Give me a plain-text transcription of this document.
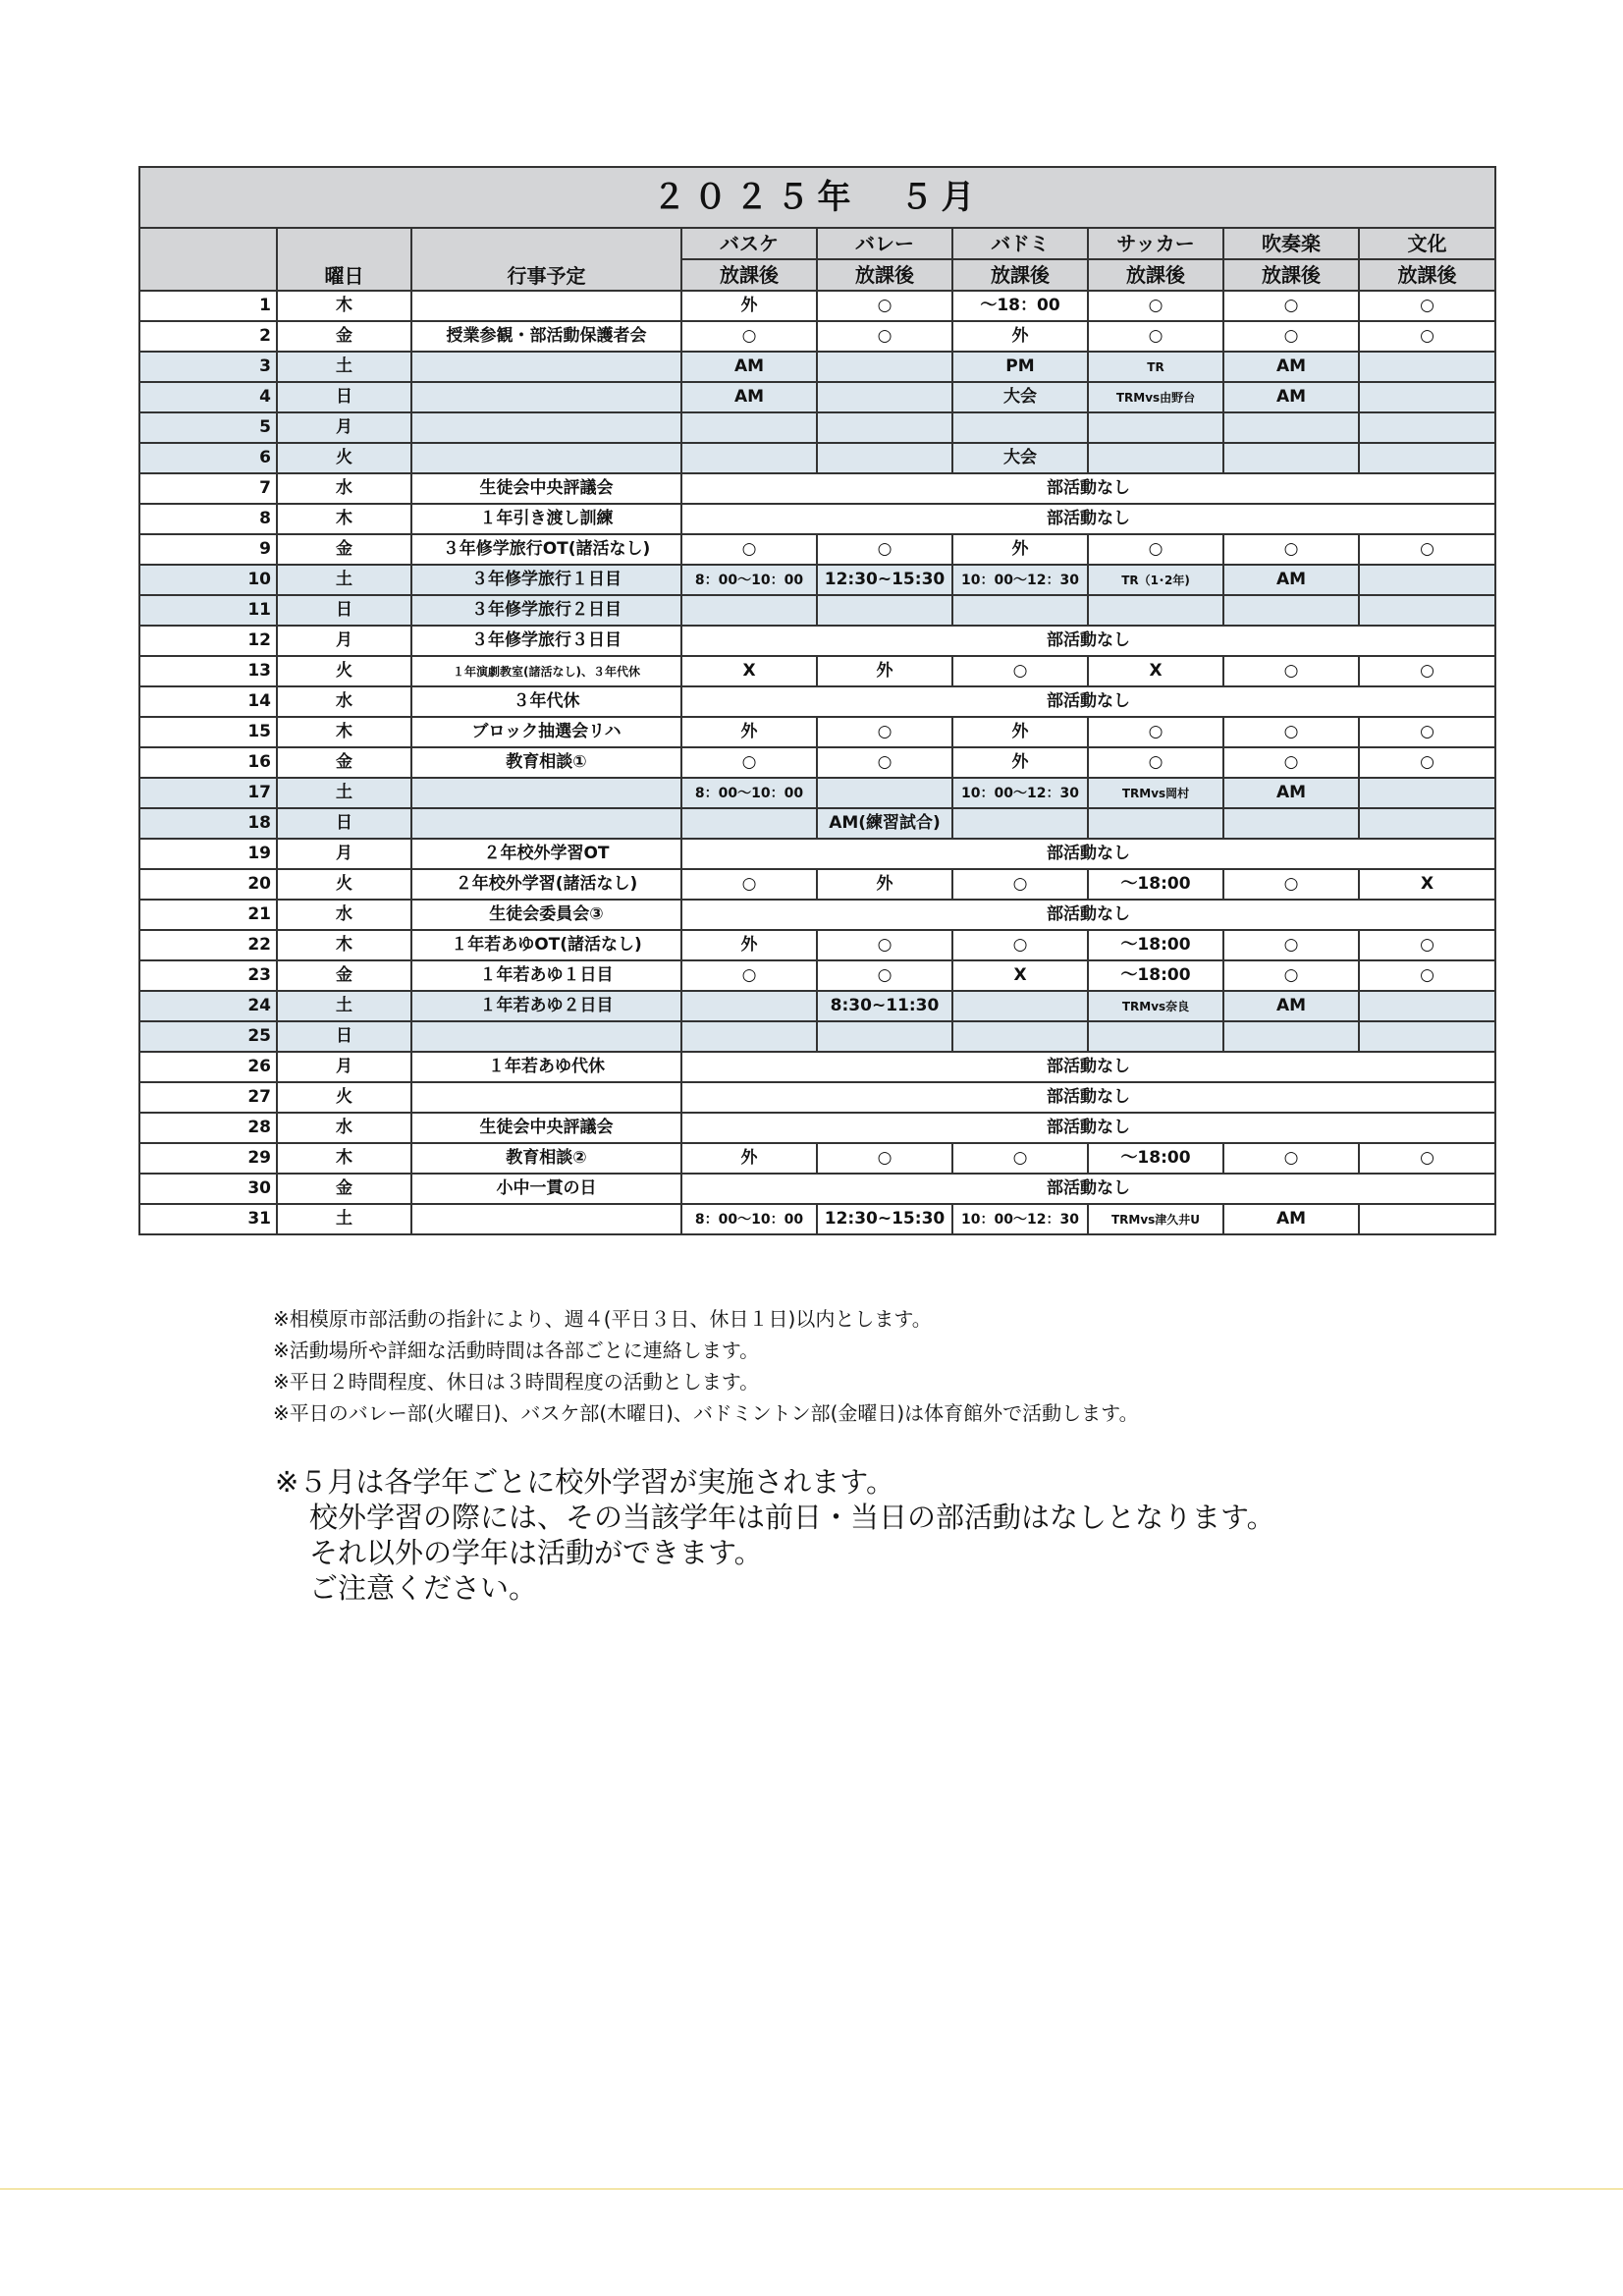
２０２５年　５月								
	曜日	行事予定	バスケ	バレー	バドミ	サッカー	吹奏楽	文化
			放課後	放課後	放課後	放課後	放課後	放課後
1	木		外	○	〜18：00	○	○	○
2	金	授業参観・部活動保護者会	○	○	外	○	○	○
3	土		AM		PM	TR	AM	
4	日		AM		大会	TRMvs由野台	AM	
5	月							
6	火				大会			
7	水	生徒会中央評議会	部活動なし					
8	木	１年引き渡し訓練	部活動なし					
9	金	３年修学旅行OT(諸活なし)	○	○	外	○	○	○
10	土	３年修学旅行１日目	8：00〜10：00	12:30~15:30	10：00〜12：30	TR（1･2年)	AM	
11	日	３年修学旅行２日目						
12	月	３年修学旅行３日目	部活動なし					
13	火	１年演劇教室(諸活なし)、３年代休	X	外	○	X	○	○
14	水	３年代休	部活動なし					
15	木	ブロック抽選会リハ	外	○	外	○	○	○
16	金	教育相談①	○	○	外	○	○	○
17	土		8：00〜10：00		10：00〜12：30	TRMvs岡村	AM	
18	日			AM(練習試合)				
19	月	２年校外学習OT	部活動なし					
20	火	２年校外学習(諸活なし)	○	外	○	〜18:00	○	X
21	水	生徒会委員会③	部活動なし					
22	木	１年若あゆOT(諸活なし)	外	○	○	〜18:00	○	○
23	金	１年若あゆ１日目	○	○	X	〜18:00	○	○
24	土	１年若あゆ２日目		8:30~11:30		TRMvs奈良	AM	
25	日							
26	月	１年若あゆ代休	部活動なし					
27	火		部活動なし					
28	水	生徒会中央評議会	部活動なし					
29	木	教育相談②	外	○	○	〜18:00	○	○
30	金	小中一貫の日	部活動なし					
31	土		8：00〜10：00	12:30~15:30	10：00〜12：30	TRMvs津久井U	AM	
※相模原市部活動の指針により、週４(平日３日、休日１日)以内とします。
※活動場所や詳細な活動時間は各部ごとに連絡します。
※平日２時間程度、休日は３時間程度の活動とします。
※平日のバレー部(火曜日)、バスケ部(木曜日)、バドミントン部(金曜日)は体育館外で活動します。
※５月は各学年ごとに校外学習が実施されます。
校外学習の際には、その当該学年は前日・当日の部活動はなしとなります。
それ以外の学年は活動ができます。
ご注意ください。
